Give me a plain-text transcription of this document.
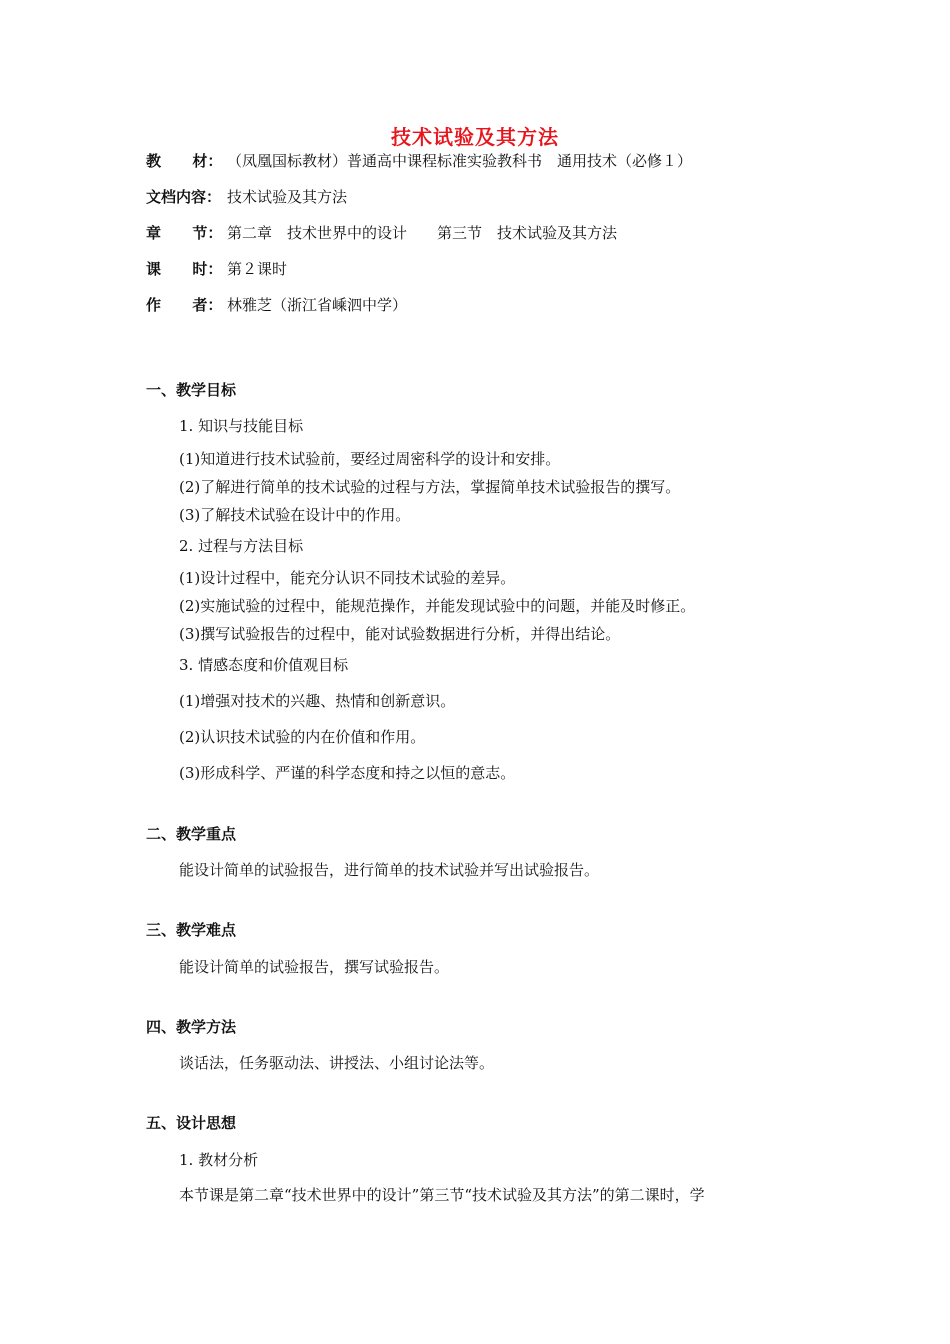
技术试验及其方法
教      材： （凤凰国标教材）普通高中课程标准实验教科书　通用技术（必修１）
文档内容： 技术试验及其方法
章      节： 第二章　技术世界中的设计　　第三节　技术试验及其方法
课      时： 第２课时
作      者： 林雅芝（浙江省嵊泗中学）
一、教学目标
1. 知识与技能目标
(1)知道进行技术试验前，要经过周密科学的设计和安排。
(2)了解进行简单的技术试验的过程与方法，掌握简单技术试验报告的撰写。
(3)了解技术试验在设计中的作用。
2. 过程与方法目标
(1)设计过程中，能充分认识不同技术试验的差异。
(2)实施试验的过程中，能规范操作，并能发现试验中的问题，并能及时修正。
(3)撰写试验报告的过程中，能对试验数据进行分析，并得出结论。
3. 情感态度和价值观目标
(1)增强对技术的兴趣、热情和创新意识。
(2)认识技术试验的内在价值和作用。
(3)形成科学、严谨的科学态度和持之以恒的意志。
二、教学重点
能设计简单的试验报告，进行简单的技术试验并写出试验报告。
三、教学难点
能设计简单的试验报告，撰写试验报告。
四、教学方法
谈话法，任务驱动法、讲授法、小组讨论法等。
五、设计思想
1. 教材分析
本节课是第二章“技术世界中的设计”第三节“技术试验及其方法”的第二课时，学
